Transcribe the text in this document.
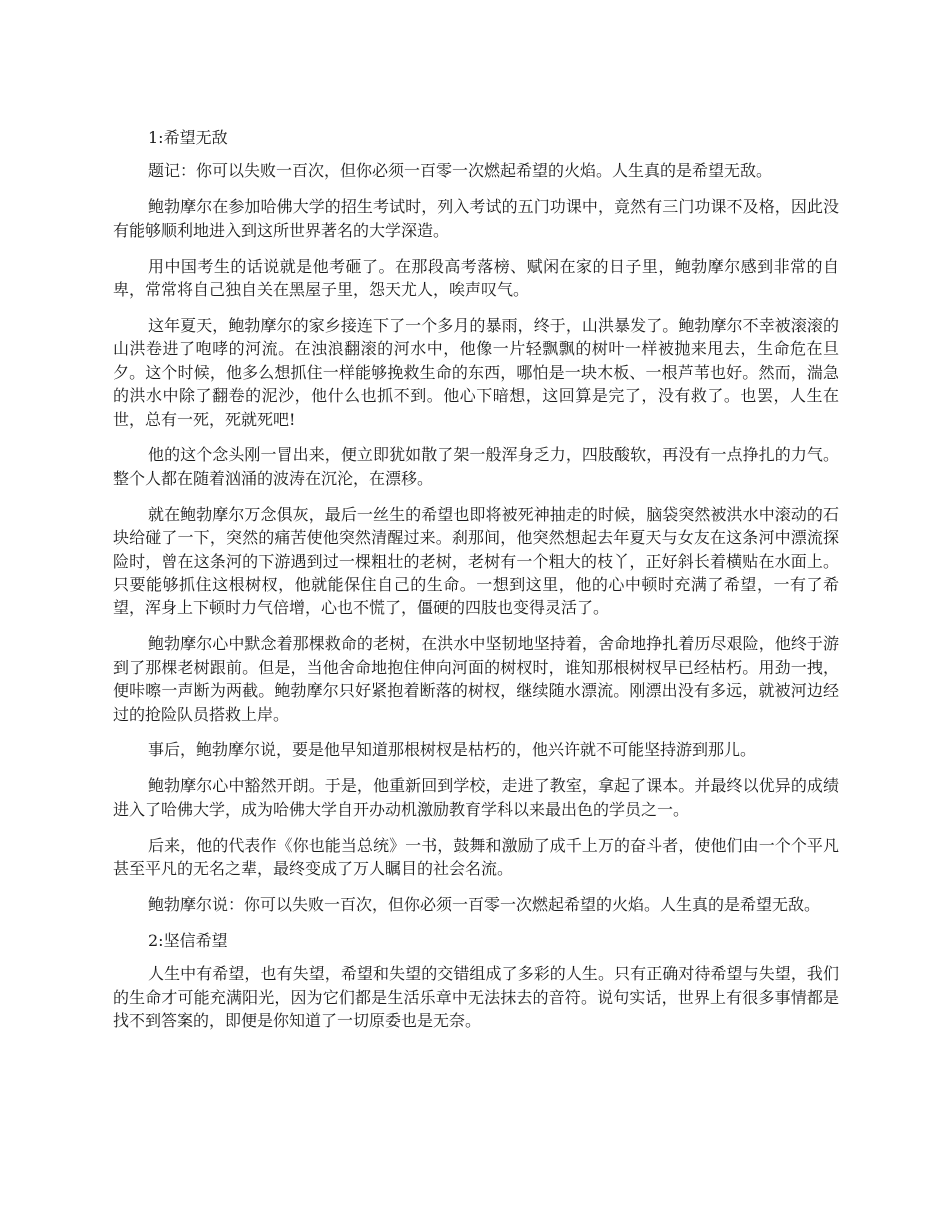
1:希望无敌

题记：你可以失败一百次，但你必须一百零一次燃起希望的火焰。人生真的是希望无敌。

鲍勃摩尔在参加哈佛大学的招生考试时，列入考试的五门功课中，竟然有三门功课不及格，因此没有能够顺利地进入到这所世界著名的大学深造。

用中国考生的话说就是他考砸了。在那段高考落榜、赋闲在家的日子里，鲍勃摩尔感到非常的自卑，常常将自己独自关在黑屋子里，怨天尤人，唉声叹气。

这年夏天，鲍勃摩尔的家乡接连下了一个多月的暴雨，终于，山洪暴发了。鲍勃摩尔不幸被滚滚的山洪卷进了咆哮的河流。在浊浪翻滚的河水中，他像一片轻飘飘的树叶一样被抛来甩去，生命危在旦夕。这个时候，他多么想抓住一样能够挽救生命的东西，哪怕是一块木板、一根芦苇也好。然而，湍急的洪水中除了翻卷的泥沙，他什么也抓不到。他心下暗想，这回算是完了，没有救了。也罢，人生在世，总有一死，死就死吧!

他的这个念头刚一冒出来，便立即犹如散了架一般浑身乏力，四肢酸软，再没有一点挣扎的力气。整个人都在随着汹涌的波涛在沉沦，在漂移。

就在鲍勃摩尔万念俱灰，最后一丝生的希望也即将被死神抽走的时候，脑袋突然被洪水中滚动的石块给碰了一下，突然的痛苦使他突然清醒过来。刹那间，他突然想起去年夏天与女友在这条河中漂流探险时，曾在这条河的下游遇到过一棵粗壮的老树，老树有一个粗大的枝丫，正好斜长着横贴在水面上。只要能够抓住这根树杈，他就能保住自己的生命。一想到这里，他的心中顿时充满了希望，一有了希望，浑身上下顿时力气倍增，心也不慌了，僵硬的四肢也变得灵活了。

鲍勃摩尔心中默念着那棵救命的老树，在洪水中坚韧地坚持着，舍命地挣扎着历尽艰险，他终于游到了那棵老树跟前。但是，当他舍命地抱住伸向河面的树杈时，谁知那根树杈早已经枯朽。用劲一拽，便咔嚓一声断为两截。鲍勃摩尔只好紧抱着断落的树杈，继续随水漂流。刚漂出没有多远，就被河边经过的抢险队员搭救上岸。

事后，鲍勃摩尔说，要是他早知道那根树杈是枯朽的，他兴许就不可能坚持游到那儿。

鲍勃摩尔心中豁然开朗。于是，他重新回到学校，走进了教室，拿起了课本。并最终以优异的成绩进入了哈佛大学，成为哈佛大学自开办动机激励教育学科以来最出色的学员之一。

后来，他的代表作《你也能当总统》一书，鼓舞和激励了成千上万的奋斗者，使他们由一个个平凡甚至平凡的无名之辈，最终变成了万人瞩目的社会名流。

鲍勃摩尔说：你可以失败一百次，但你必须一百零一次燃起希望的火焰。人生真的是希望无敌。

2:坚信希望

人生中有希望，也有失望，希望和失望的交错组成了多彩的人生。只有正确对待希望与失望，我们的生命才可能充满阳光，因为它们都是生活乐章中无法抹去的音符。说句实话，世界上有很多事情都是找不到答案的，即便是你知道了一切原委也是无奈。
